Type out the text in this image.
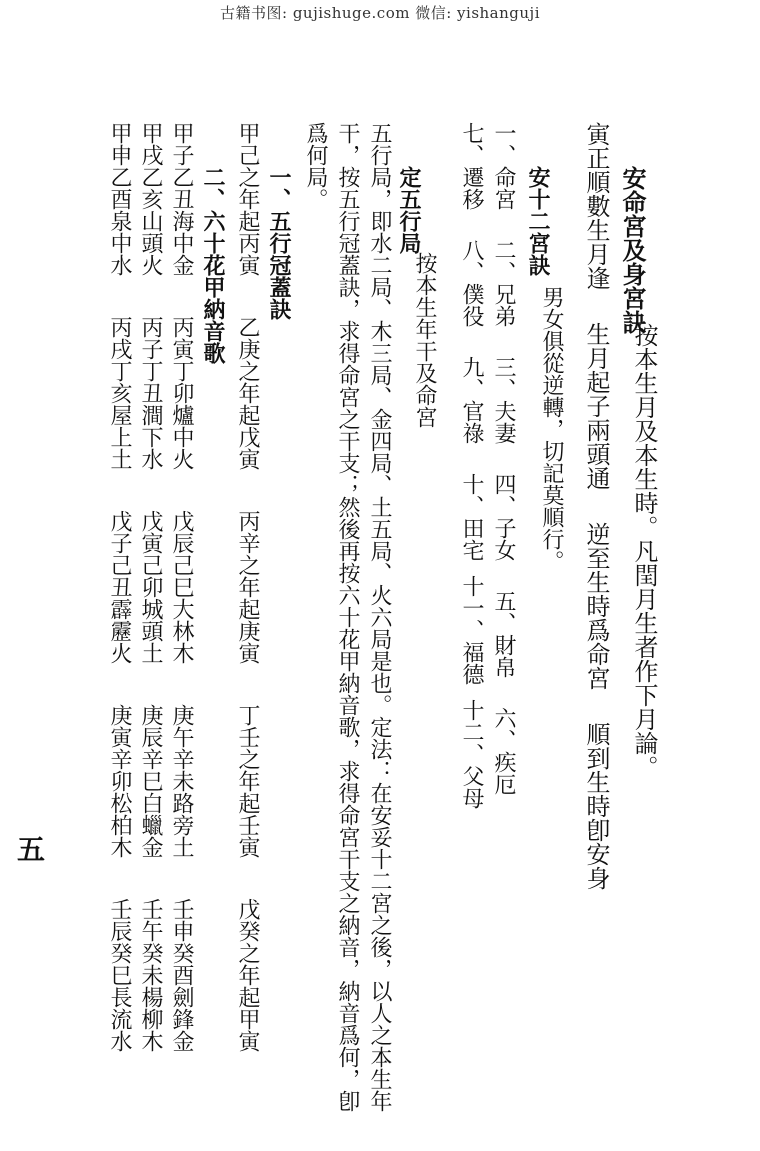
古籍书图: gujishuge.com 微信: yishanguji
安命宮及身宮訣
按本生月及本生時。凡閏月生者作下月論。
寅正順數生月逢生月起子兩頭通逆至生時爲命宮順到生時卽安身
安十二宮訣
男女俱從逆轉，切記莫順行。
一、命宮二、兄弟三、夫妻四、子女五、財帛六、疾厄
七、遷移八、僕役九、官祿十、田宅十一、福德十二、父母
定五行局
按本生年干及命宮
五行局，即水二局、木三局、金四局、土五局、火六局是也。定法：在安妥十二宮之後，以人之本生年
干，按五行冠蓋訣，求得命宮之干支；然後再按六十花甲納音歌，求得命宮干支之納音，納音爲何，卽
爲何局。
一、五行冠蓋訣
甲己之年起丙寅乙庚之年起戊寅丙辛之年起庚寅丁壬之年起壬寅戊癸之年起甲寅
二、六十花甲納音歌
甲子乙丑海中金丙寅丁卯爐中火戊辰己巳大林木庚午辛未路旁土壬申癸酉劍鋒金
甲戌乙亥山頭火丙子丁丑澗下水戊寅己卯城頭土庚辰辛巳白蠟金壬午癸未楊柳木
甲申乙酉泉中水丙戌丁亥屋上土戊子己丑霹靂火庚寅辛卯松柏木壬辰癸巳長流水
五
